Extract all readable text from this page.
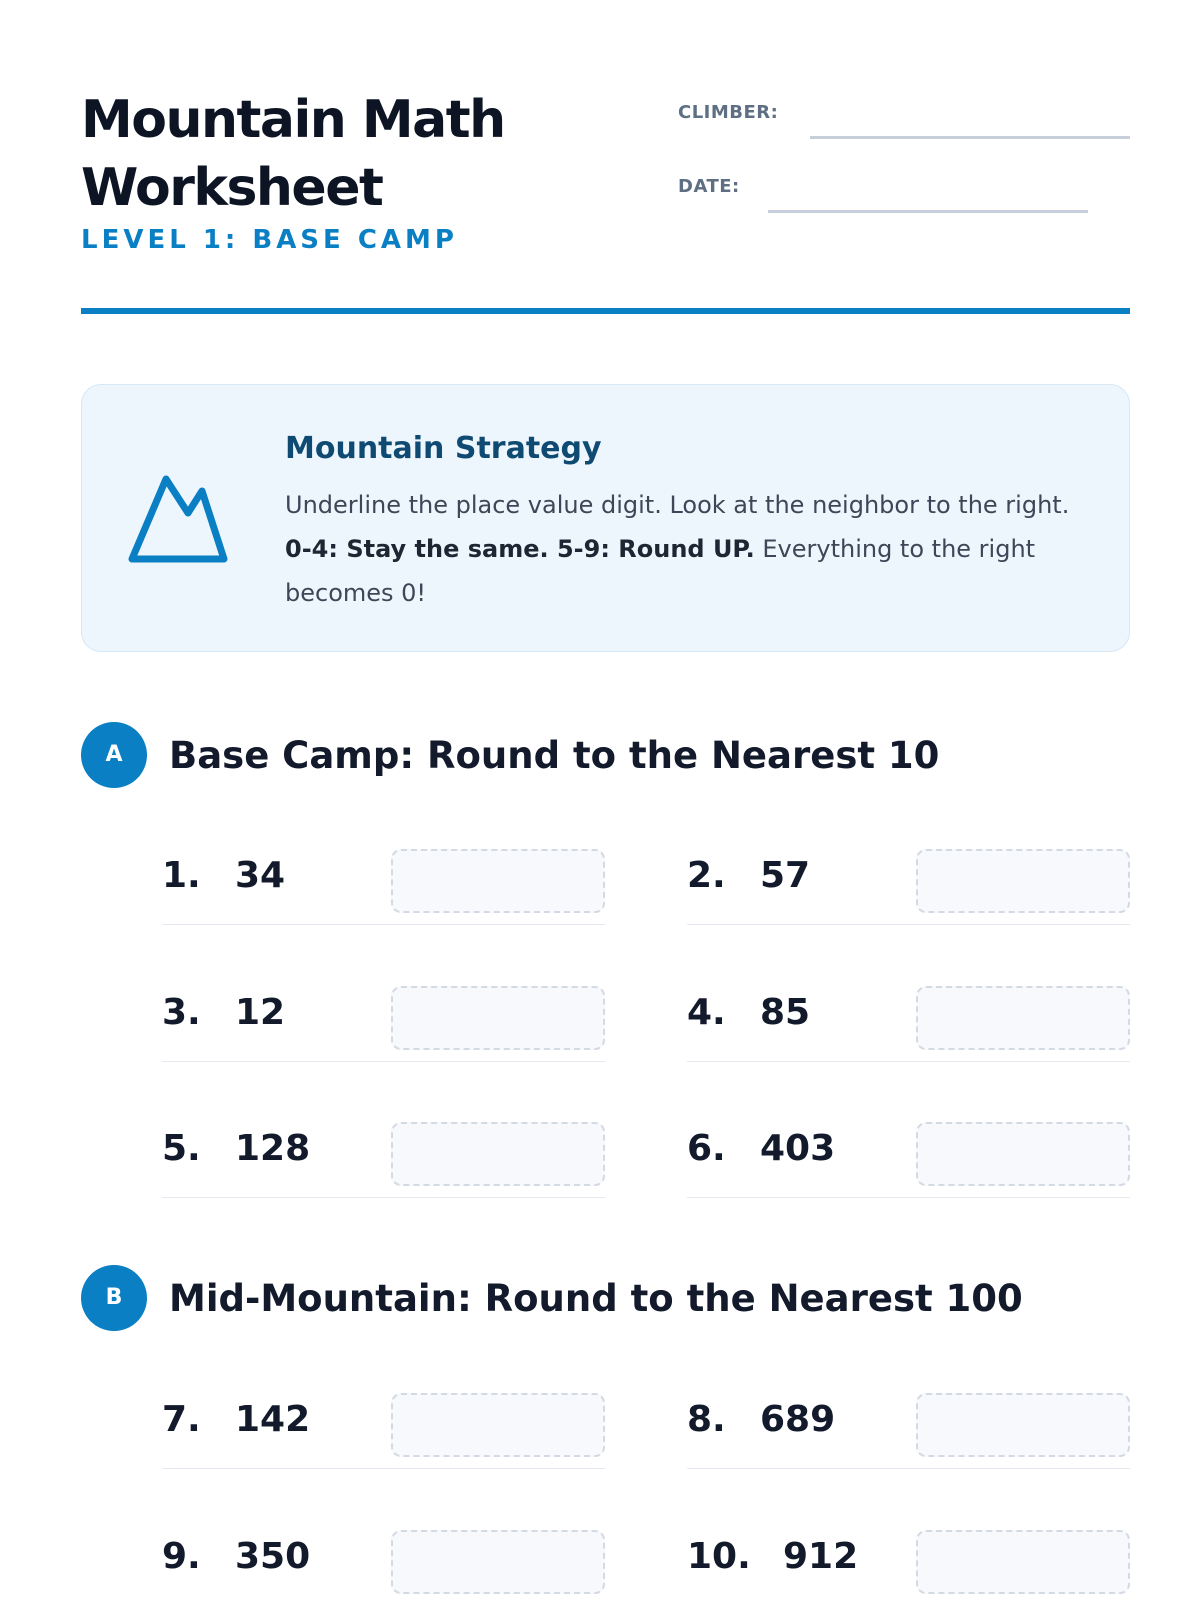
Mountain Math
Worksheet
LEVEL 1: BASE CAMP
CLIMBER:
DATE:
Mountain Strategy
Underline the place value digit. Look at the neighbor to the right. 0-4: Stay the same. 5-9: Round UP. Everything to the right becomes 0!
A	Base Camp: Round to the Nearest 10
1. 34	2. 57
3. 12	4. 85
5. 128	6. 403
B	Mid-Mountain: Round to the Nearest 100
7. 142	8. 689
9. 350	10. 912
